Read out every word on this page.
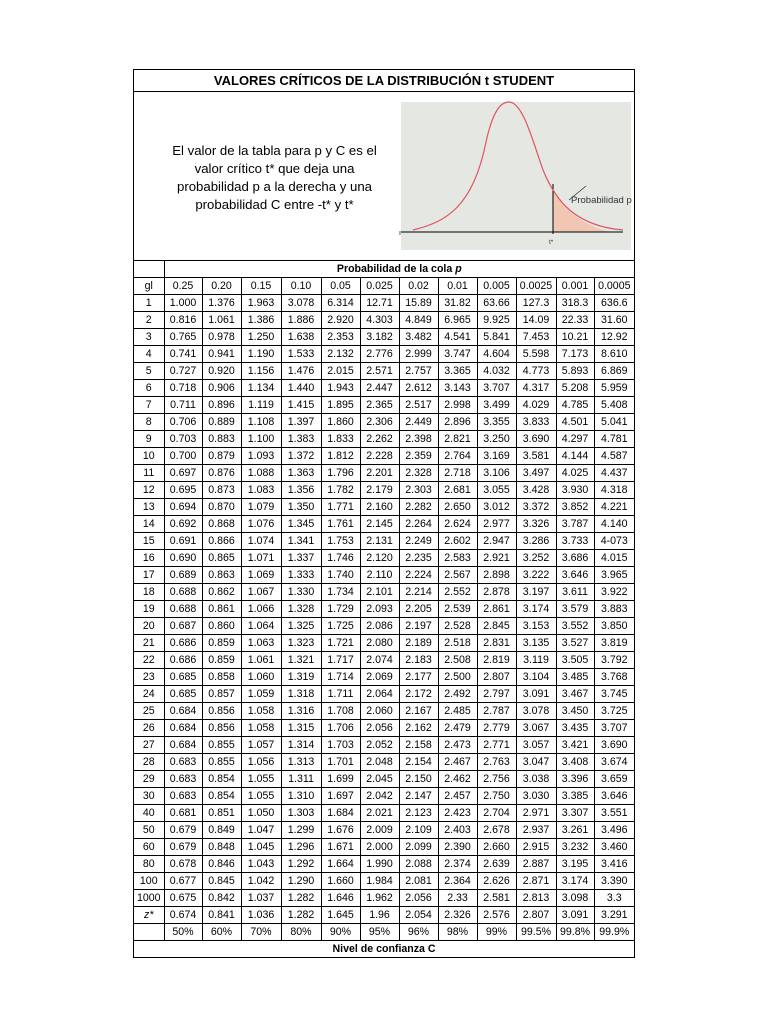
VALORES CRÍTICOS DE LA DISTRIBUCIÓN t STUDENT
El valor de la tabla para p y C es el valor crítico t* que deja una probabilidad p a la derecha y una probabilidad C entre -t* y t*	Probabilidad p
t*
ı
	Probabilidad de la cola p											
gl	0.25	0.20	0.15	0.10	0.05	0.025	0.02	0.01	0.005	0.0025	0.001	0.0005
1	1.000	1.376	1.963	3.078	6.314	12.71	15.89	31.82	63.66	127.3	318.3	636.6
2	0.816	1.061	1.386	1.886	2.920	4.303	4.849	6.965	9.925	14.09	22.33	31.60
3	0.765	0.978	1.250	1.638	2.353	3.182	3.482	4.541	5.841	7.453	10.21	12.92
4	0.741	0.941	1.190	1.533	2.132	2.776	2.999	3.747	4.604	5.598	7.173	8.610
5	0.727	0.920	1.156	1.476	2.015	2.571	2.757	3.365	4.032	4.773	5.893	6.869
6	0.718	0.906	1.134	1.440	1.943	2.447	2.612	3.143	3.707	4.317	5.208	5.959
7	0.711	0.896	1.119	1.415	1.895	2.365	2.517	2.998	3.499	4.029	4.785	5.408
8	0.706	0.889	1.108	1.397	1.860	2.306	2.449	2.896	3.355	3.833	4.501	5.041
9	0.703	0.883	1.100	1.383	1.833	2.262	2.398	2.821	3.250	3.690	4.297	4.781
10	0.700	0.879	1.093	1.372	1.812	2.228	2.359	2.764	3.169	3.581	4.144	4.587
11	0.697	0.876	1.088	1.363	1.796	2.201	2.328	2.718	3.106	3.497	4.025	4.437
12	0.695	0.873	1.083	1.356	1.782	2.179	2.303	2.681	3.055	3.428	3.930	4.318
13	0.694	0.870	1.079	1.350	1.771	2.160	2.282	2.650	3.012	3.372	3.852	4.221
14	0.692	0.868	1.076	1.345	1.761	2.145	2.264	2.624	2.977	3.326	3.787	4.140
15	0.691	0.866	1.074	1.341	1.753	2.131	2.249	2.602	2.947	3.286	3.733	4-073
16	0.690	0.865	1.071	1.337	1.746	2.120	2.235	2.583	2.921	3.252	3.686	4.015
17	0.689	0.863	1.069	1.333	1.740	2.110	2.224	2.567	2.898	3.222	3.646	3.965
18	0.688	0.862	1.067	1.330	1.734	2.101	2.214	2.552	2.878	3.197	3.611	3.922
19	0.688	0.861	1.066	1.328	1.729	2.093	2.205	2.539	2.861	3.174	3.579	3.883
20	0.687	0.860	1.064	1.325	1.725	2.086	2.197	2.528	2.845	3.153	3.552	3.850
21	0.686	0.859	1.063	1.323	1.721	2.080	2.189	2.518	2.831	3.135	3.527	3.819
22	0.686	0.859	1.061	1.321	1.717	2.074	2.183	2.508	2.819	3.119	3.505	3.792
23	0.685	0.858	1.060	1.319	1.714	2.069	2.177	2.500	2.807	3.104	3.485	3.768
24	0.685	0.857	1.059	1.318	1.711	2.064	2.172	2.492	2.797	3.091	3.467	3.745
25	0.684	0.856	1.058	1.316	1.708	2.060	2.167	2.485	2.787	3.078	3.450	3.725
26	0.684	0.856	1.058	1.315	1.706	2.056	2.162	2.479	2.779	3.067	3.435	3.707
27	0.684	0.855	1.057	1.314	1.703	2.052	2.158	2.473	2.771	3.057	3.421	3.690
28	0.683	0.855	1.056	1.313	1.701	2.048	2.154	2.467	2.763	3.047	3.408	3.674
29	0.683	0.854	1.055	1.311	1.699	2.045	2.150	2.462	2.756	3.038	3.396	3.659
30	0.683	0.854	1.055	1.310	1.697	2.042	2.147	2.457	2.750	3.030	3.385	3.646
40	0.681	0.851	1.050	1.303	1.684	2.021	2.123	2.423	2.704	2.971	3.307	3.551
50	0.679	0.849	1.047	1.299	1.676	2.009	2.109	2.403	2.678	2.937	3.261	3.496
60	0.679	0.848	1.045	1.296	1.671	2.000	2.099	2.390	2.660	2.915	3.232	3.460
80	0.678	0.846	1.043	1.292	1.664	1.990	2.088	2.374	2.639	2.887	3.195	3.416
100	0.677	0.845	1.042	1.290	1.660	1.984	2.081	2.364	2.626	2.871	3.174	3.390
1000	0.675	0.842	1.037	1.282	1.646	1.962	2.056	2.33	2.581	2.813	3.098	3.3
z*	0.674	0.841	1.036	1.282	1.645	1.96	2.054	2.326	2.576	2.807	3.091	3.291
	50%	60%	70%	80%	90%	95%	96%	98%	99%	99.5%	99.8%	99.9%
Nivel de confianza C												
